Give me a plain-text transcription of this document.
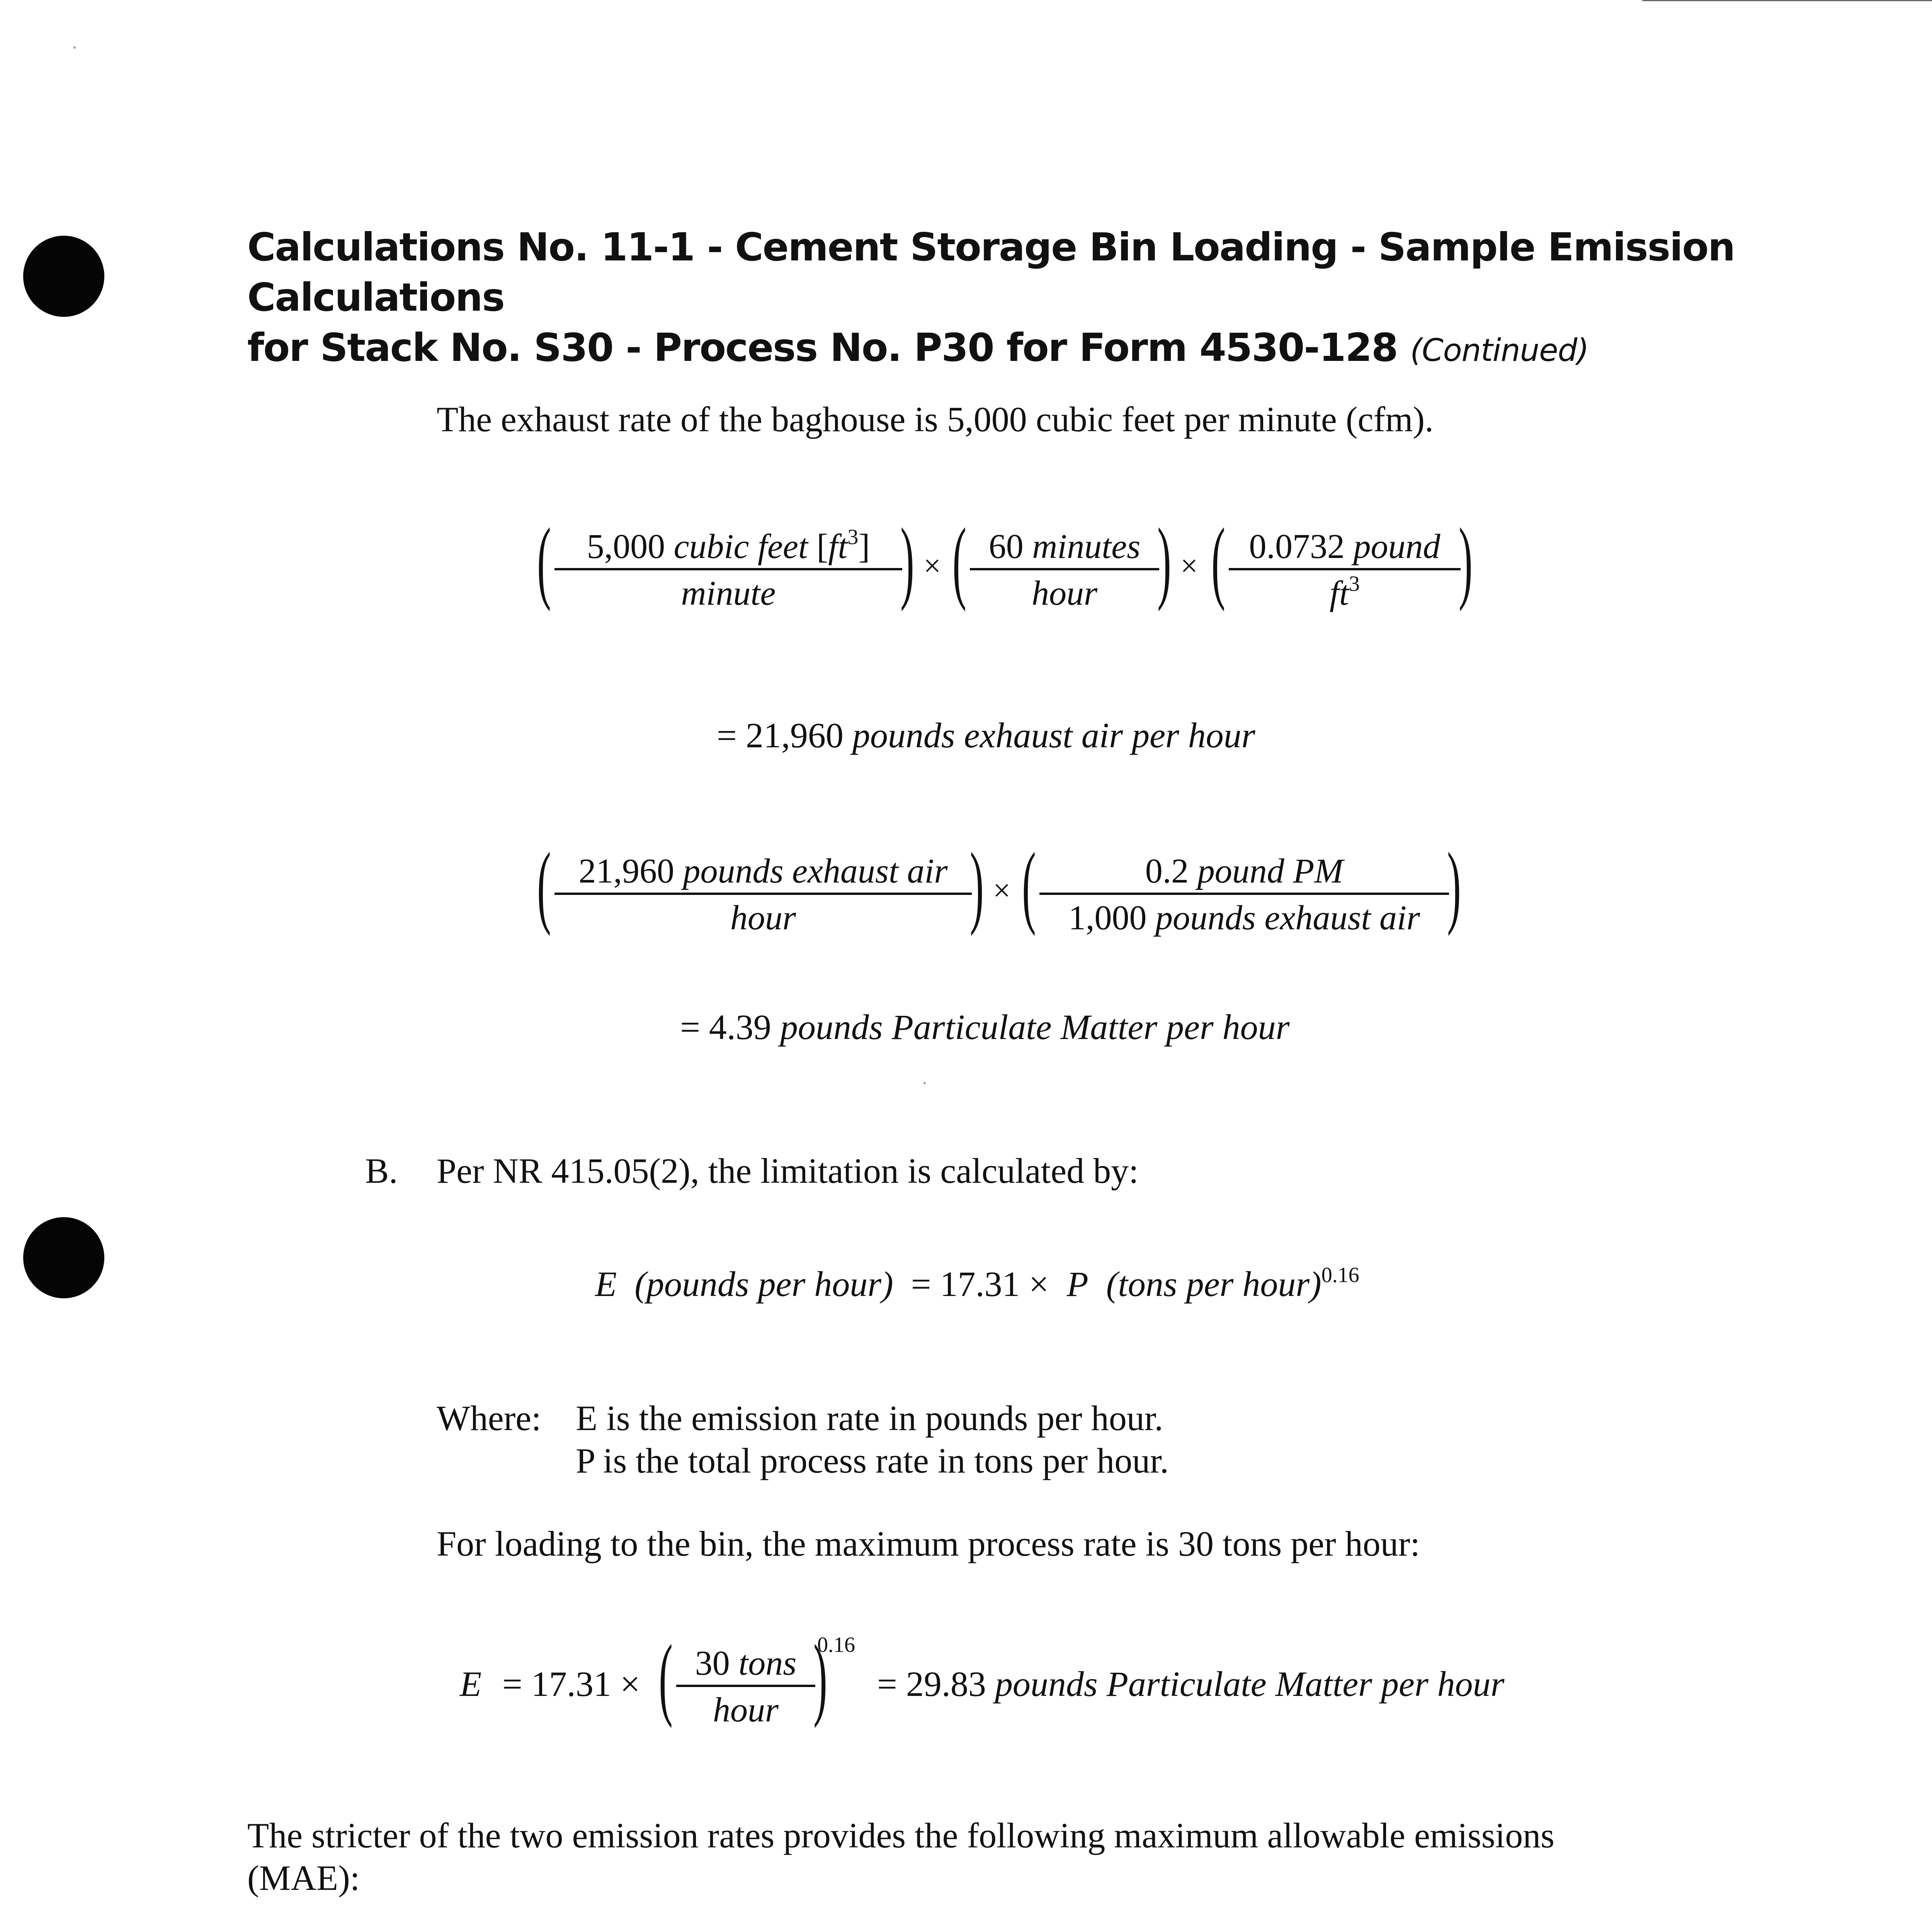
Calculations No. 11-1 - Cement Storage Bin Loading - Sample Emission Calculations
for Stack No. S30 - Process No. P30 for Form 4530-128 (Continued)
The exhaust rate of the baghouse is 5,000 cubic feet per minute (cfm).
(	5,000 cubic feet $[ft^3]$
minute	) × ( 60 minutes
hour ) × ( 0.0732 pound
$ft^3$	)
= 21,960 pounds exhaust air per hour
( 21,960 pounds exhaust air
hour	) × (	0.2 pound PM
1,000 pounds exhaust air )
= 4.39 pounds Particulate Matter per hour
B. Per NR 415.05(2), the limitation is calculated by:
E (pounds per hour) = 17.31 × P (tons per hour)$^{0.16}$
Where: E is the emission rate in pounds per hour.
P is the total process rate in tons per hour.
For loading to the bin, the maximum process rate is 30 tons per hour:
E = 17.31 × ( 30 tons
hour )
0.16
= 29.83 pounds Particulate Matter per hour
The stricter of the two emission rates provides the following maximum allowable emissions
(MAE):
